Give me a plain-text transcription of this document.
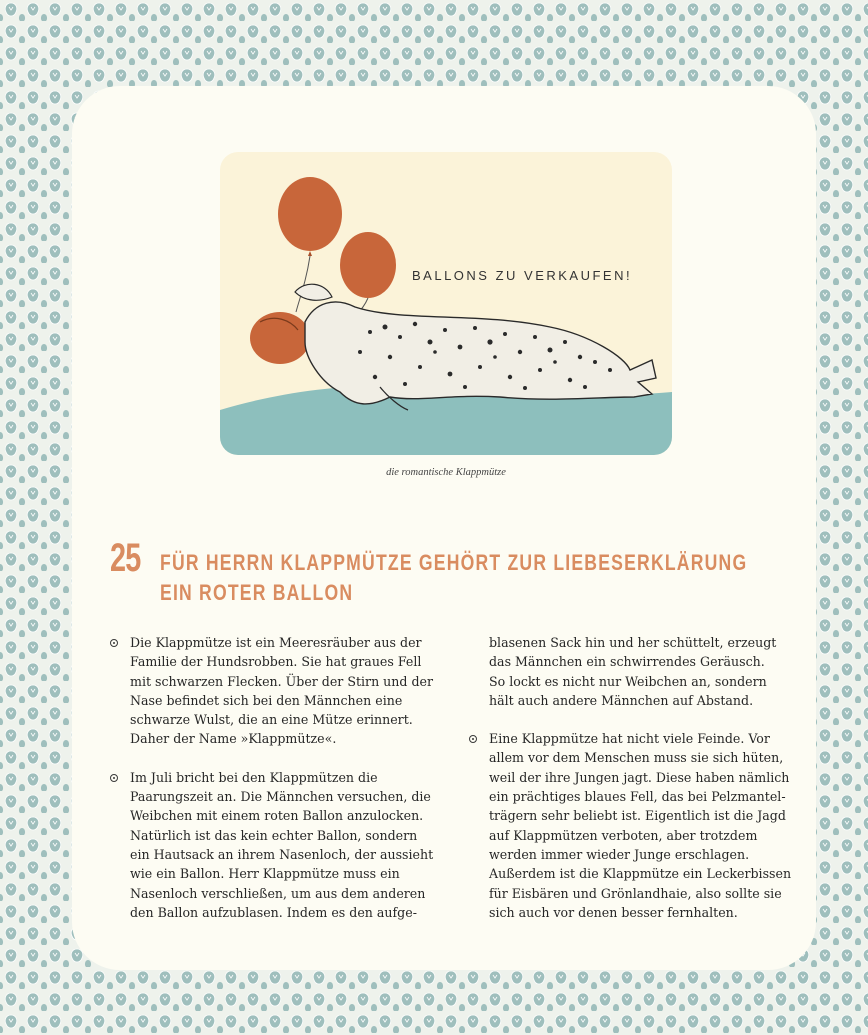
BALLONS ZU VERKAUFEN!
die romantische Klappmütze
25 FÜR HERRN KLAPPMÜTZE GEHÖRT ZUR LIEBESERKLÄRUNG
EIN ROTER BALLON
Die Klappmütze ist ein Meeresräuber aus der
Familie der Hundsrobben. Sie hat graues Fell
mit schwarzen Flecken. Über der Stirn und der
Nase befindet sich bei den Männchen eine
schwarze Wulst, die an eine Mütze erinnert.
Daher der Name »Klappmütze«.
Im Juli bricht bei den Klappmützen die
Paarungszeit an. Die Männchen versuchen, die
Weibchen mit einem roten Ballon anzulocken.
Natürlich ist das kein echter Ballon, sondern
ein Hautsack an ihrem Nasenloch, der aussieht
wie ein Ballon. Herr Klappmütze muss ein
Nasenloch verschließen, um aus dem anderen
den Ballon aufzublasen. Indem es den aufge-
blasenen Sack hin und her schüttelt, erzeugt
das Männchen ein schwirrendes Geräusch.
So lockt es nicht nur Weibchen an, sondern
hält auch andere Männchen auf Abstand.
Eine Klappmütze hat nicht viele Feinde. Vor
allem vor dem Menschen muss sie sich hüten,
weil der ihre Jungen jagt. Diese haben nämlich
ein prächtiges blaues Fell, das bei Pelzmantel-
trägern sehr beliebt ist. Eigentlich ist die Jagd
auf Klappmützen verboten, aber trotzdem
werden immer wieder Junge erschlagen.
Außerdem ist die Klappmütze ein Leckerbissen
für Eisbären und Grönlandhaie, also sollte sie
sich auch vor denen besser fernhalten.
